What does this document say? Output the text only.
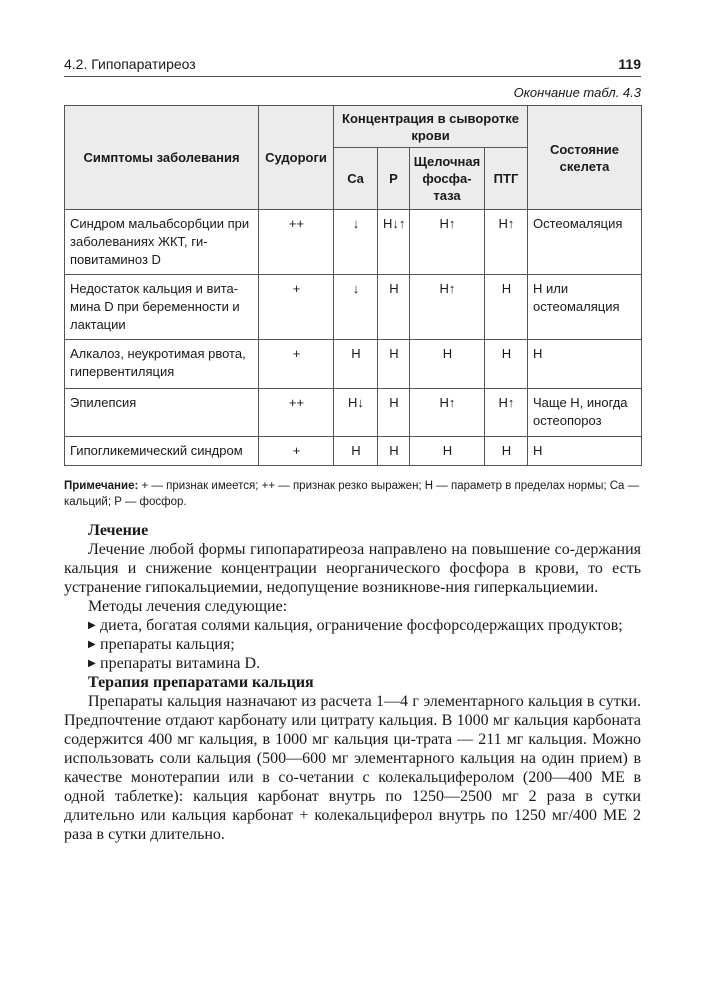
4.2. Гипопаратиреоз	119
Окончание табл. 4.3
Симптомы заболевания	Судороги	Концентрация в сыворотке крови				Состояние скелета
		Ca	P	Щелочная фосфа-таза	ПТГ	
Синдром мальабсорбции при заболеваниях ЖКТ, ги-повитаминоз D	++	↓	Н↓↑	Н↑	Н↑	Остеомаляция
Недостаток кальция и вита-мина D при беременности и лактации	+	↓	Н	Н↑	Н	Н или остеомаляция
Алкалоз, неукротимая рвота, гипервентиляция	+	Н	Н	Н	Н	Н
Эпилепсия	++	Н↓	Н	Н↑	Н↑	Чаще Н, иногда остеопороз
Гипогликемический синдром	+	Н	Н	Н	Н	Н
Примечание: + — признак имеется; ++ — признак резко выражен; Н — параметр в пределах нормы; Ca — кальций; P — фосфор.
Лечение

Лечение любой формы гипопаратиреоза направлено на повышение со-держания кальция и снижение концентрации неорганического фосфора в крови, то есть устранение гипокальциемии, недопущение возникнове-ния гиперкальциемии.

Методы лечения следующие:

▶ диета, богатая солями кальция, ограничение фосфорсодержащих продуктов;
▶ препараты кальция;
▶ препараты витамина D.
Терапия препаратами кальция

Препараты кальция назначают из расчета 1—4 г элементарного кальция в сутки. Предпочтение отдают карбонату или цитрату кальция. В 1000 мг кальция карбоната содержится 400 мг кальция, в 1000 мг кальция ци-трата — 211 мг кальция. Можно использовать соли кальция (500—600 мг элементарного кальция на один прием) в качестве монотерапии или в со-четании с колекальциферолом (200—400 МЕ в одной таблетке): кальция карбонат внутрь по 1250—2500 мг 2 раза в сутки длительно или кальция карбонат + колекальциферол внутрь по 1250 мг/400 МЕ 2 раза в сутки длительно.
